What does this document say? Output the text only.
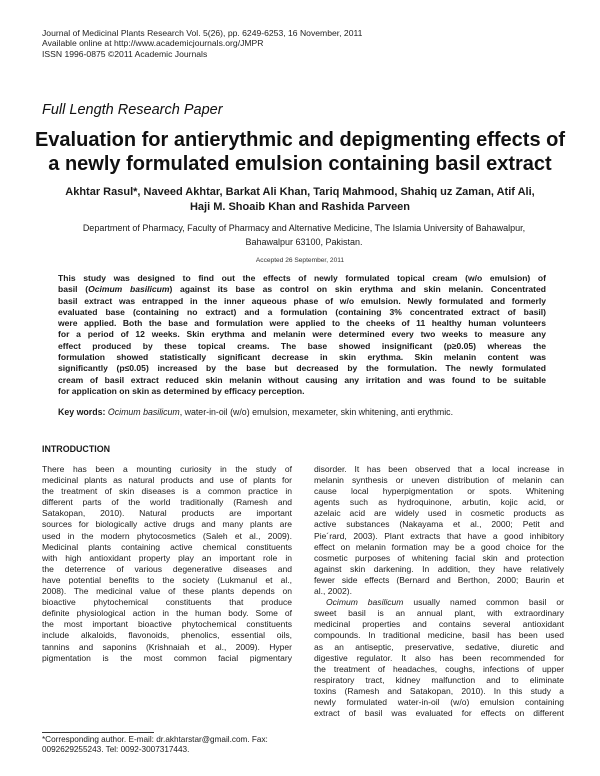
Journal of Medicinal Plants Research Vol. 5(26), pp. 6249-6253, 16 November, 2011
Available online at http://www.academicjournals.org/JMPR
ISSN 1996-0875 ©2011 Academic Journals
Full Length Research Paper
Evaluation for antierythmic and depigmenting effects of
a newly formulated emulsion containing basil extract
Akhtar Rasul*, Naveed Akhtar, Barkat Ali Khan, Tariq Mahmood, Shahiq uz Zaman, Atif Ali,
Haji M. Shoaib Khan and Rashida Parveen
Department of Pharmacy, Faculty of Pharmacy and Alternative Medicine, The Islamia University of Bahawalpur,
Bahawalpur 63100, Pakistan.
Accepted 26 September, 2011
This study was designed to find out the effects of newly formulated topical cream (w/o emulsion) of
basil (Ocimum basilicum) against its base as control on skin erythma and skin melanin. Concentrated
basil extract was entrapped in the inner aqueous phase of w/o emulsion. Newly formulated and formerly
evaluated base (containing no extract) and a formulation (containing 3% concentrated extract of basil)
were applied. Both the base and formulation were applied to the cheeks of 11 healthy human volunteers
for a period of 12 weeks. Skin erythma and melanin were determined every two weeks to measure any
effect produced by these topical creams. The base showed insignificant (p≥0.05) whereas the
formulation showed statistically significant decrease in skin erythma. Skin melanin content was
significantly (p≤0.05) increased by the base but decreased by the formulation. The newly formulated
cream of basil extract reduced skin melanin without causing any irritation and was found to be suitable
for application on skin as determined by efficacy perception.
Key words: Ocimum basilicum, water-in-oil (w/o) emulsion, mexameter, skin whitening, anti erythmic.
INTRODUCTION
There has been a mounting curiosity in the study of
medicinal plants as natural products and use of plants for
the treatment of skin diseases is a common practice in
different parts of the world traditionally (Ramesh and
Satakopan, 2010). Natural products are important
sources for biologically active drugs and many plants are
used in the modern phytocosmetics (Saleh et al., 2009).
Medicinal plants containing active chemical constituents
with high antioxidant property play an important role in
the deterrence of various degenerative diseases and
have potential benefits to the society (Lukmanul et al.,
2008). The medicinal value of these plants depends on
bioactive phytochemical constituents that produce
definite physiological action in the human body. Some of
the most important bioactive phytochemical constituents
include alkaloids, flavonoids, phenolics, essential oils,
tannins and saponins (Krishnaiah et al., 2009). Hyper
pigmentation is the most common facial pigmentary
disorder. It has been observed that a local increase in
melanin synthesis or uneven distribution of melanin can
cause local hyperpigmentation or spots. Whitening
agents such as hydroquinone, arbutin, kojic acid, or
azelaic acid are widely used in cosmetic products as
active substances (Nakayama et al., 2000; Petit and
Pie´rard, 2003). Plant extracts that have a good inhibitory
effect on melanin formation may be a good choice for the
cosmetic purposes of whitening facial skin and protection
against skin darkening. In addition, they have relatively
fewer side effects (Bernard and Berthon, 2000; Baurin et
al., 2002).
Ocimum basilicum usually named common basil or
sweet basil is an annual plant, with extraordinary
medicinal properties and contains several antioxidant
compounds. In traditional medicine, basil has been used
as an antiseptic, preservative, sedative, diuretic and
digestive regulator. It also has been recommended for
the treatment of headaches, coughs, infections of upper
respiratory tract, kidney malfunction and to eliminate
toxins (Ramesh and Satakopan, 2010). In this study a
newly formulated water-in-oil (w/o) emulsion containing
extract of basil was evaluated for effects on different
*Corresponding author. E-mail: dr.akhtarstar@gmail.com. Fax:
0092629255243. Tel: 0092-3007317443.
